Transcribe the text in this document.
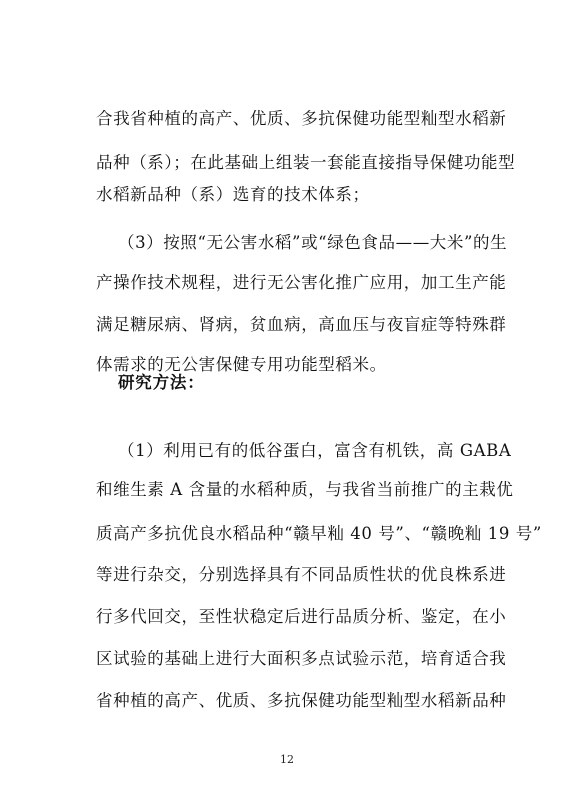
合我省种植的高产、优质、多抗保健功能型籼型水稻新
品种（系）；在此基础上组装一套能直接指导保健功能型
水稻新品种（系）选育的技术体系；
（3）按照“无公害水稻”或“绿色食品——大米”的生
产操作技术规程，进行无公害化推广应用，加工生产能
满足糖尿病、肾病，贫血病，高血压与夜盲症等特殊群
体需求的无公害保健专用功能型稻米。
研究方法：
（1）利用已有的低谷蛋白，富含有机铁，高 GABA
和维生素 A 含量的水稻种质，与我省当前推广的主栽优
质高产多抗优良水稻品种“赣早籼 40 号”、“赣晚籼 19 号”
等进行杂交，分别选择具有不同品质性状的优良株系进
行多代回交，至性状稳定后进行品质分析、鉴定，在小
区试验的基础上进行大面积多点试验示范，培育适合我
省种植的高产、优质、多抗保健功能型籼型水稻新品种
12
